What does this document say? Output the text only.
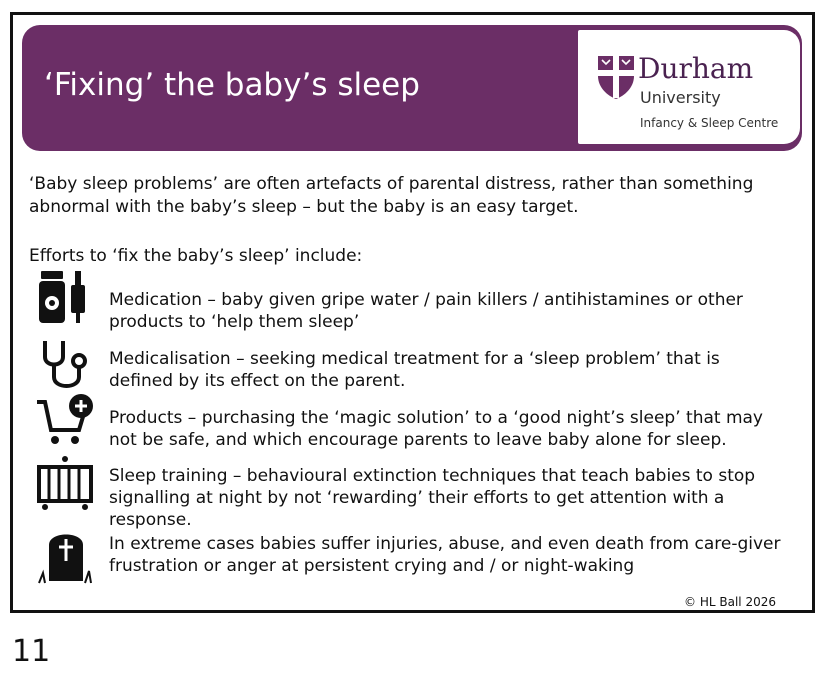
‘Fixing’ the baby’s sleep	Durham
University
Infancy & Sleep Centre
‘Baby sleep problems’ are often artefacts of parental distress, rather than something abnormal with the baby’s sleep – but the baby is an easy target.
Efforts to ‘fix the baby’s sleep’ include:
Medication – baby given gripe water / pain killers / antihistamines or other products to ‘help them sleep’
Medicalisation – seeking medical treatment for a ‘sleep problem’ that is defined by its effect on the parent.
Products – purchasing the ‘magic solution’ to a ‘good night’s sleep’ that may not be safe, and which encourage parents to leave baby alone for sleep.
Sleep training – behavioural extinction techniques that teach babies to stop signalling at night by not ‘rewarding’ their efforts to get attention with a response.
In extreme cases babies suffer injuries, abuse, and even death from care-giver frustration or anger at persistent crying and / or night-waking
© HL Ball 2026
11
